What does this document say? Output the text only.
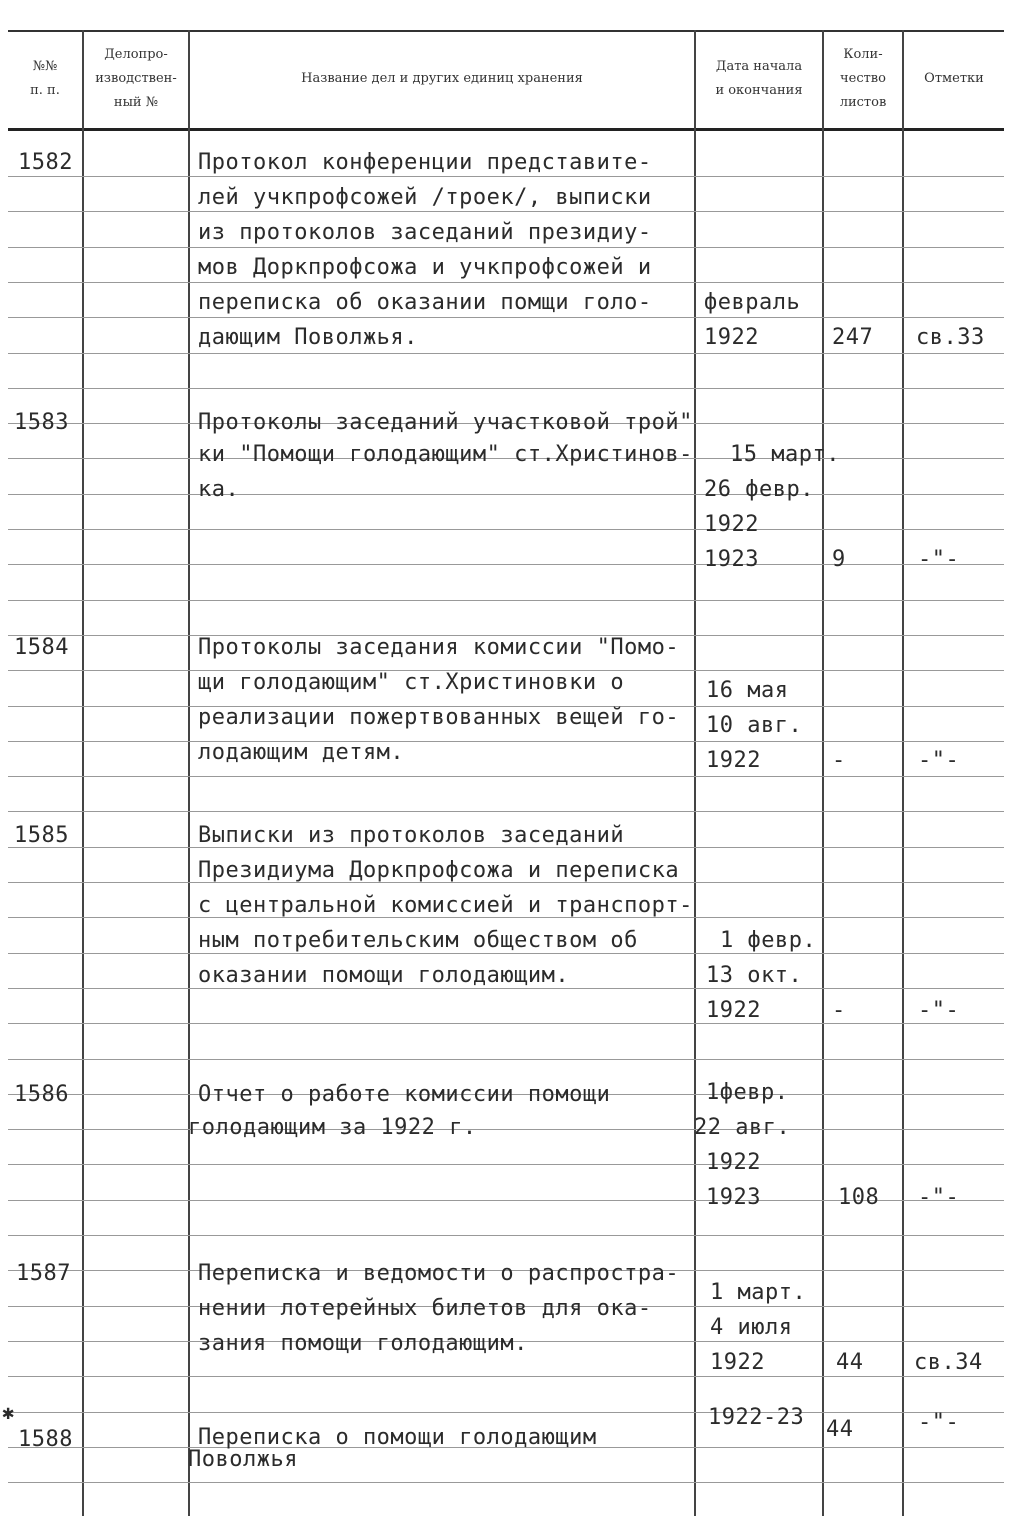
№№
п. п.
Делопро-
изводствен-
ный №
Название дел и других единиц хранения
Дата начала
и окончания
Коли-
чество
листов
Отметки
1582	Протокол конференции представите-
лей учкпрофсожей /троек/, выписки
из протоколов заседаний президиу-
мов Доркпрофсожа и учкпрофсожей и
переписка об оказании помщи голо-
дающим Поволжья.
февраль
1922	247 св.33
1583	Протоколы заседаний участковой трой"
ки "Помощи голодающим" ст.Христинов-
ка.
15 март.
26 февр.
1922
1923	9	-"-
1584	Протоколы заседания комиссии "Помо-
щи голодающим" ст.Христиновки о
реализации пожертвованных вещей го-
лодающим детям.
16 мая
10 авг.
1922	-	-"-
1585	Выписки из протоколов заседаний
Президиума Доркпрофсожа и переписка
с центральной комиссией и транспорт-
ным потребительским обществом об
оказании помощи голодающим.
1 февр.
13 окт.
1922	-	-"-
1586	Отчет о работе комиссии помощи
голодающим за 1922 г.
1февр.
22 авг.
1922
1923	108 -"-
1587	Переписка и ведомости о распростра-
нении лотерейных билетов для ока-
зания помощи голодающим.
1 март.
4 июля
1922	44 св.34
✱
1588	Переписка о помощи голодающим
Поволжья
1922-23 44	-"-
